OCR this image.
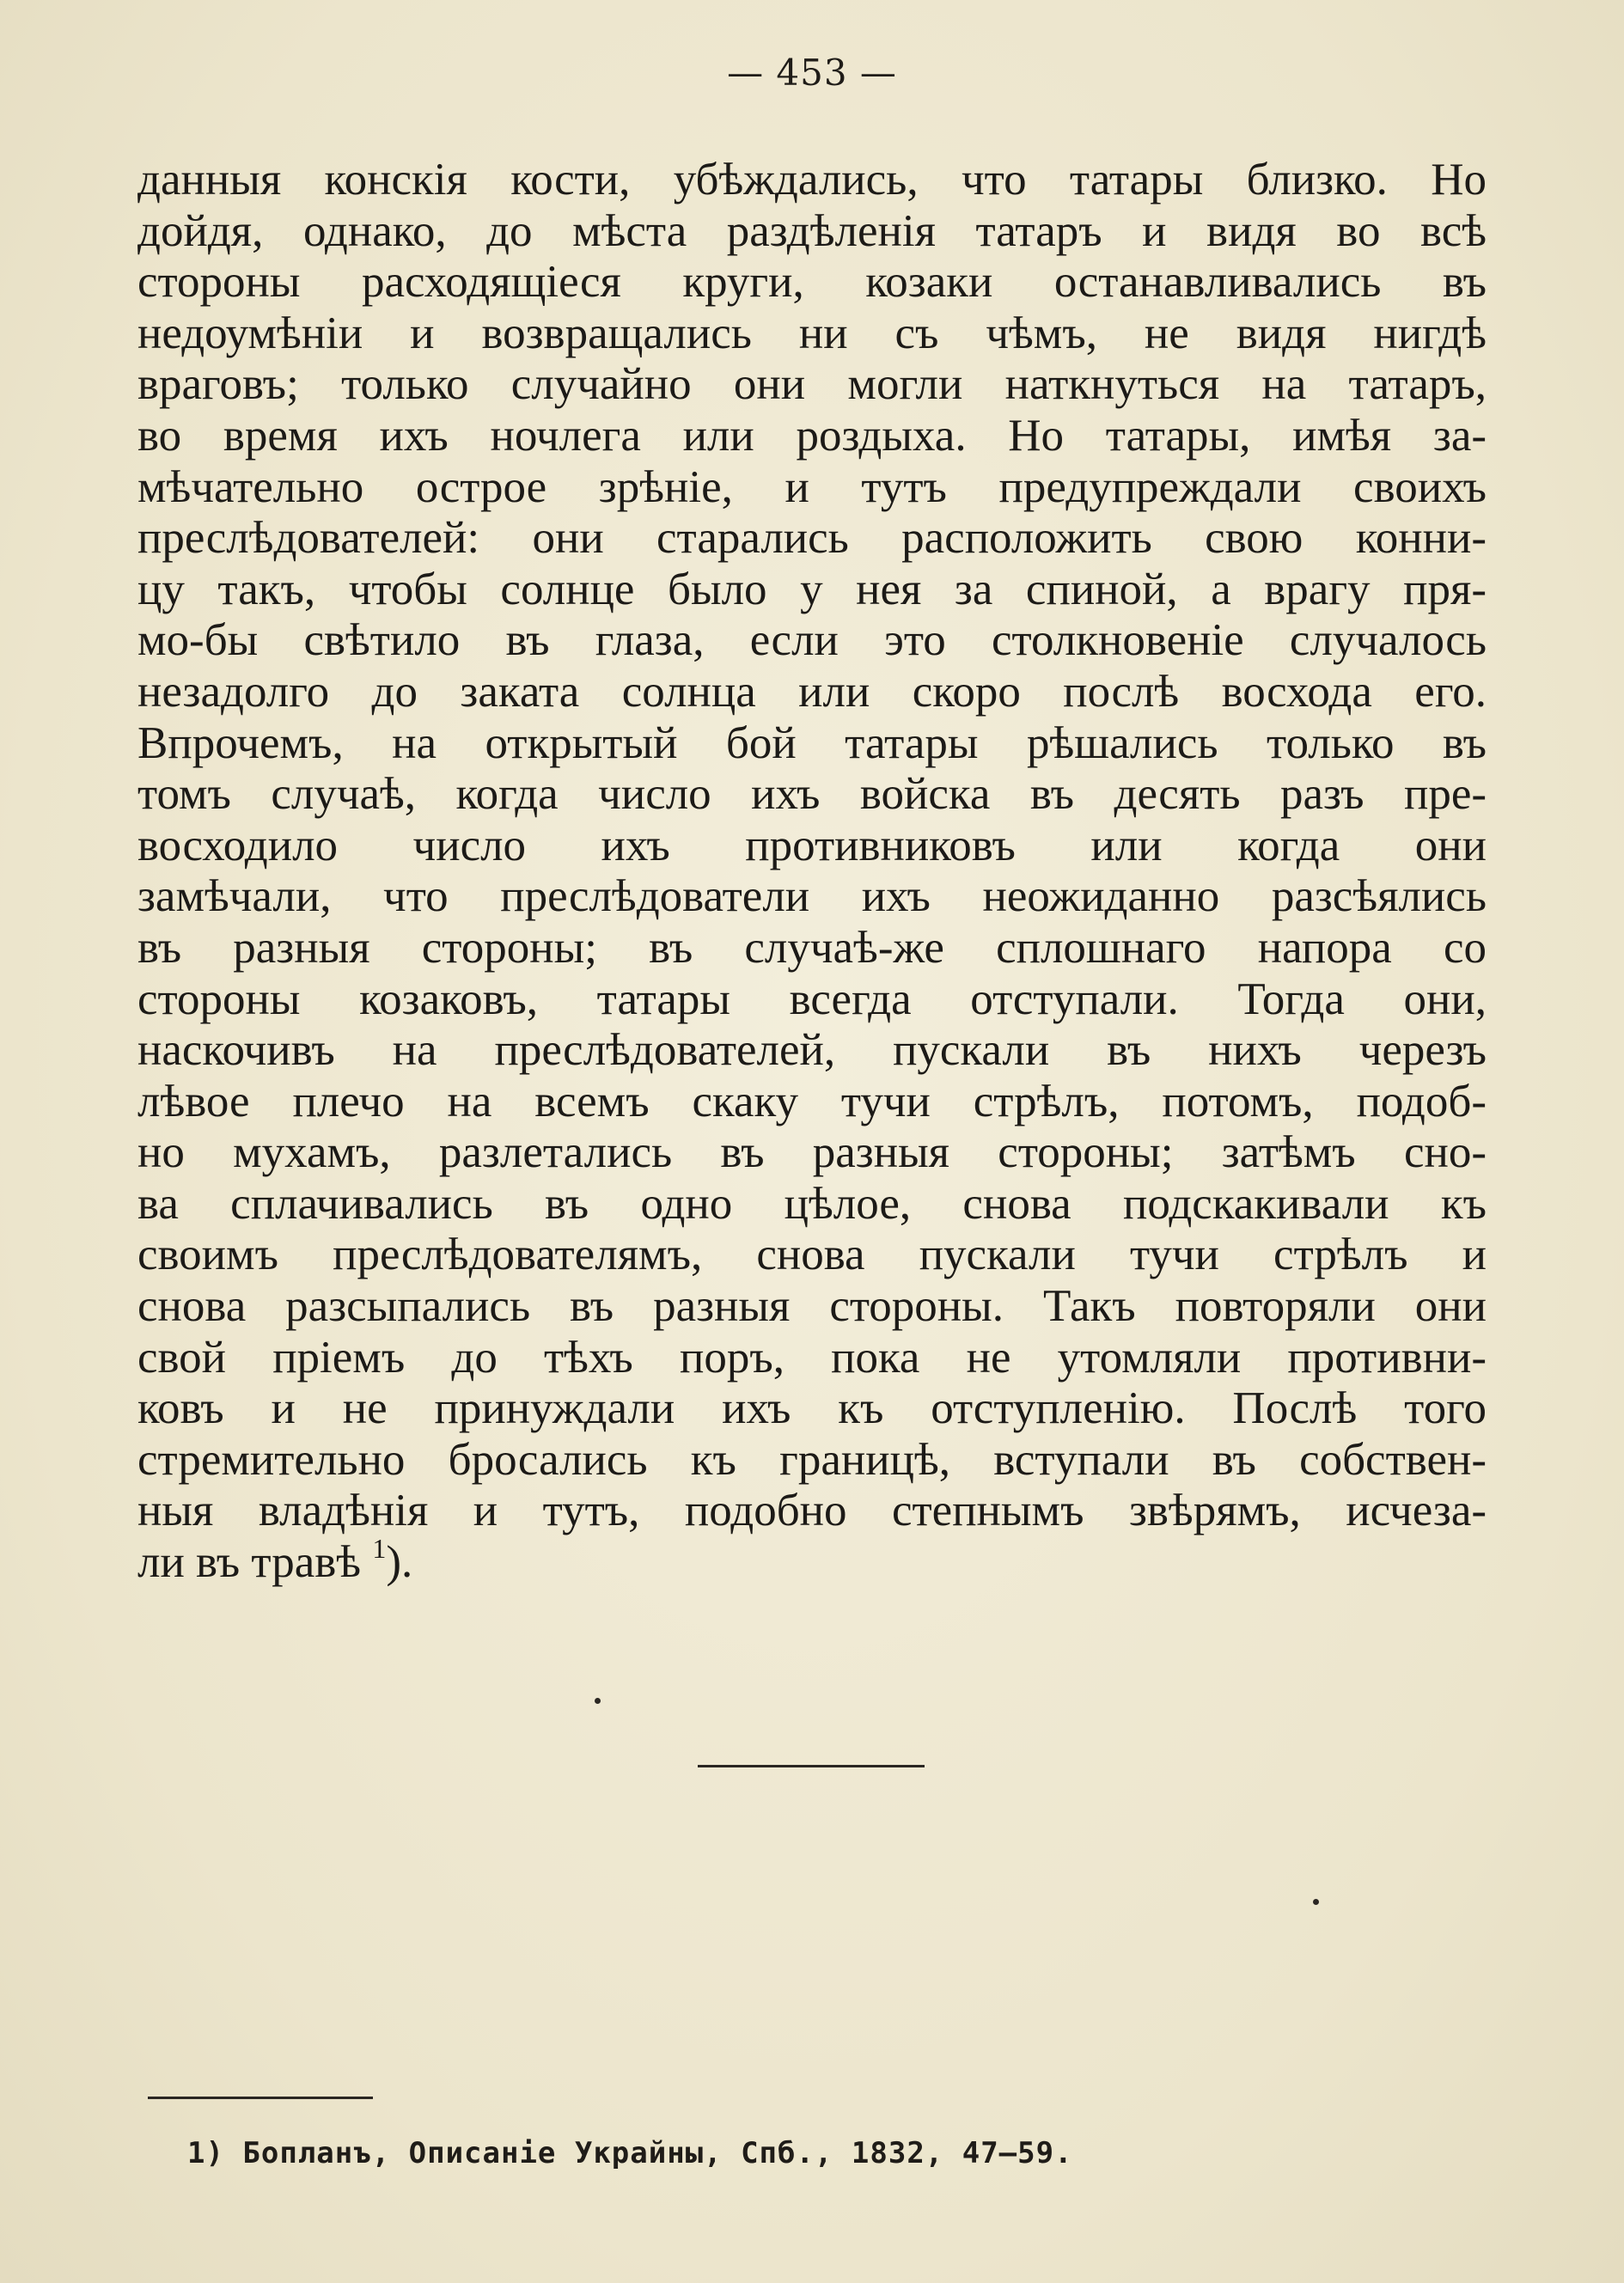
— 453 —
данныя конскія кости, убѣждались, что татары близко. Но
дойдя, однако, до мѣста раздѣленія татаръ и видя во всѣ
стороны расходящіеся круги, козаки останавливались въ
недоумѣніи и возвращались ни съ чѣмъ, не видя нигдѣ
враговъ; только случайно они могли наткнуться на татаръ,
во время ихъ ночлега или роздыха. Но татары, имѣя за-
мѣчательно острое зрѣніе, и тутъ предупреждали своихъ
преслѣдователей: они старались расположить свою конни-
цу такъ, чтобы солнце было у нея за спиной, а врагу пря-
мо-бы свѣтило въ глаза, если это столкновеніе случалось
незадолго до заката солнца или скоро послѣ восхода его.
Впрочемъ, на открытый бой татары рѣшались только въ
томъ случаѣ, когда число ихъ войска въ десять разъ пре-
восходило число ихъ противниковъ или когда они
замѣчали, что преслѣдователи ихъ неожиданно разсѣялись
въ разныя стороны; въ случаѣ-же сплошнаго напора со
стороны козаковъ, татары всегда отступали. Тогда они,
наскочивъ на преслѣдователей, пускали въ нихъ черезъ
лѣвое плечо на всемъ скаку тучи стрѣлъ, потомъ, подоб-
но мухамъ, разлетались въ разныя стороны; затѣмъ сно-
ва сплачивались въ одно цѣлое, снова подскакивали къ
своимъ преслѣдователямъ, снова пускали тучи стрѣлъ и
снова разсыпались въ разныя стороны. Такъ повторяли они
свой пріемъ до тѣхъ поръ, пока не утомляли противни-
ковъ и не принуждали ихъ къ отступленію. Послѣ того
стремительно бросались къ границѣ, вступали въ собствен-
ныя владѣнія и тутъ, подобно степнымъ звѣрямъ, исчеза-
ли въ травѣ $^1$).
1) Бопланъ, Описаніе Украйны, Спб., 1832, 47—59.
